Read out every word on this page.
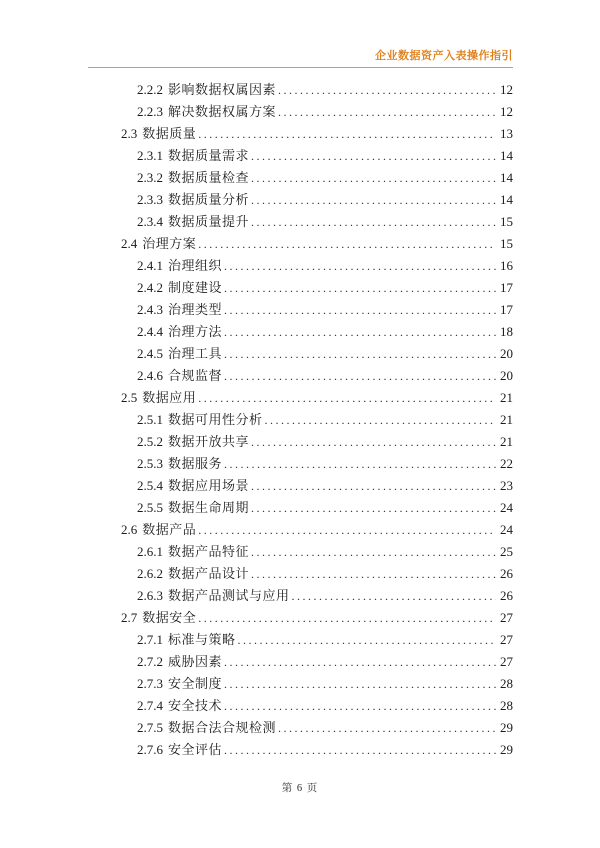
企业数据资产入表操作指引
2.2.2 影响数据权属因素 .....	12
2.2.3 解决数据权属方案 .....	12
2.3 数据质量 .....	13
2.3.1 数据质量需求 .....	14
2.3.2 数据质量检查 .....	14
2.3.3 数据质量分析 .....	14
2.3.4 数据质量提升 .....	15
2.4 治理方案 .....	15
2.4.1 治理组织 .....	16
2.4.2 制度建设 .....	17
2.4.3 治理类型 .....	17
2.4.4 治理方法 .....	18
2.4.5 治理工具 .....	20
2.4.6 合规监督 .....	20
2.5 数据应用 .....	21
2.5.1 数据可用性分析 .....	21
2.5.2 数据开放共享 .....	21
2.5.3 数据服务 .....	22
2.5.4 数据应用场景 .....	23
2.5.5 数据生命周期 .....	24
2.6 数据产品 .....	24
2.6.1 数据产品特征 .....	25
2.6.2 数据产品设计 .....	26
2.6.3 数据产品测试与应用 .....	26
2.7 数据安全 .....	27
2.7.1 标准与策略 .....	27
2.7.2 威胁因素 .....	27
2.7.3 安全制度 .....	28
2.7.4 安全技术 .....	28
2.7.5 数据合法合规检测 .....	29
2.7.6 安全评估 .....	29
第 6 页
